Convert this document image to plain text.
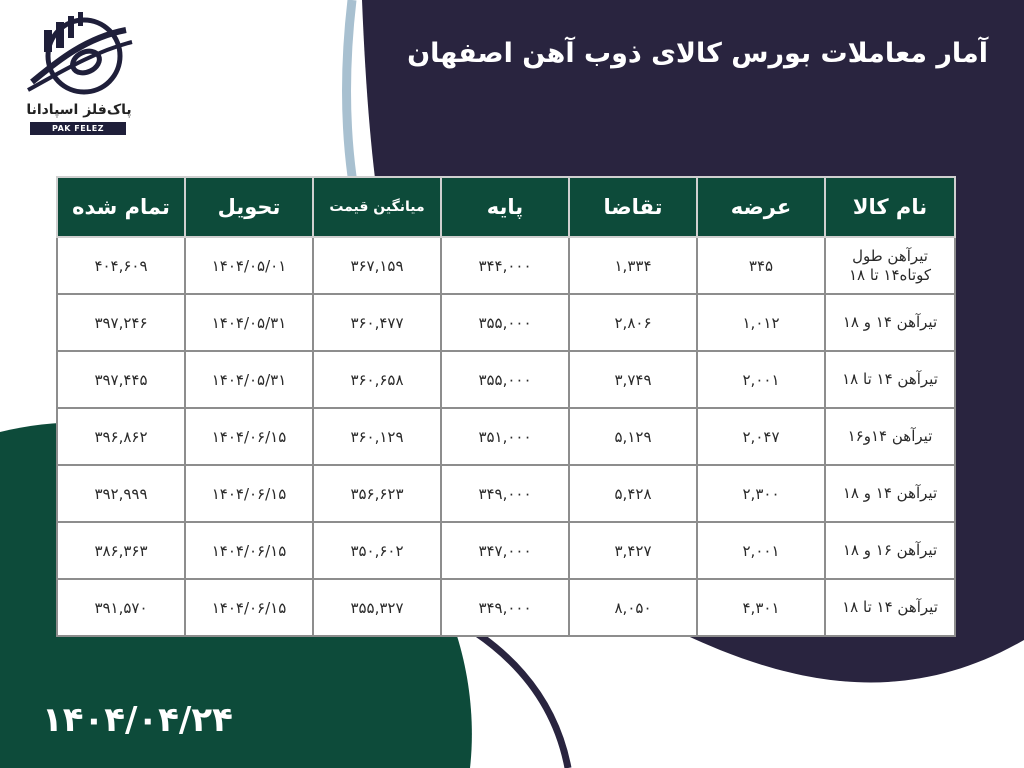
پاک‌فلز اسپادانا
PAK FELEZ ESPADANA
آمار معاملات بورس کالای ذوب آهن اصفهان
تمام شده	تحویل	میانگین قیمت	پایه	تقاضا	عرضه	نام کالا
۴۰۴,۶۰۹	۱۴۰۴/۰۵/۰۱	۳۶۷,۱۵۹	۳۴۴,۰۰۰	۱,۳۳۴	۳۴۵	تیرآهن طول کوتاه۱۴ تا ۱۸
۳۹۷,۲۴۶	۱۴۰۴/۰۵/۳۱	۳۶۰,۴۷۷	۳۵۵,۰۰۰	۲,۸۰۶	۱,۰۱۲	تیرآهن ۱۴ و ۱۸
۳۹۷,۴۴۵	۱۴۰۴/۰۵/۳۱	۳۶۰,۶۵۸	۳۵۵,۰۰۰	۳,۷۴۹	۲,۰۰۱	تیرآهن ۱۴ تا ۱۸
۳۹۶,۸۶۲	۱۴۰۴/۰۶/۱۵	۳۶۰,۱۲۹	۳۵۱,۰۰۰	۵,۱۲۹	۲,۰۴۷	تیرآهن ۱۴و۱۶
۳۹۲,۹۹۹	۱۴۰۴/۰۶/۱۵	۳۵۶,۶۲۳	۳۴۹,۰۰۰	۵,۴۲۸	۲,۳۰۰	تیرآهن ۱۴ و ۱۸
۳۸۶,۳۶۳	۱۴۰۴/۰۶/۱۵	۳۵۰,۶۰۲	۳۴۷,۰۰۰	۳,۴۲۷	۲,۰۰۱	تیرآهن ۱۶ و ۱۸
۳۹۱,۵۷۰	۱۴۰۴/۰۶/۱۵	۳۵۵,۳۲۷	۳۴۹,۰۰۰	۸,۰۵۰	۴,۳۰۱	تیرآهن ۱۴ تا ۱۸
۱۴۰۴/۰۴/۲۴
